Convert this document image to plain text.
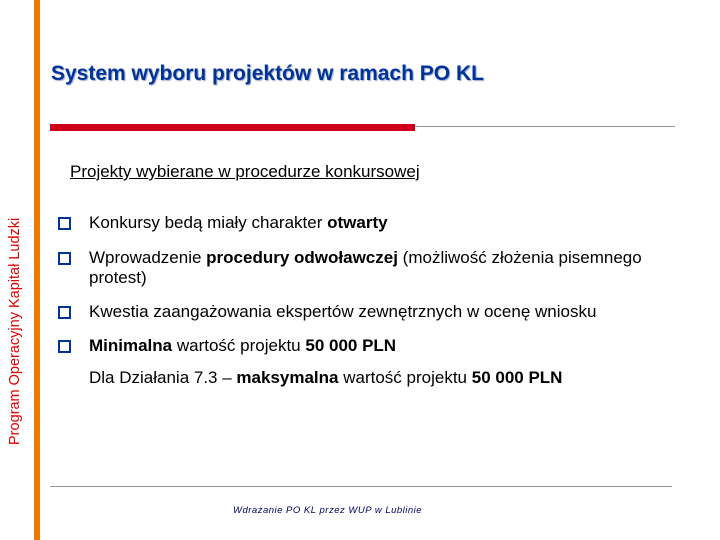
Program Operacyjny Kapitał Ludzki
System wyboru projektów w ramach PO KL
Projekty wybierane w procedurze konkursowej
Konkursy bedą miały charakter otwarty
Wprowadzenie procedury odwoławczej (możliwość złożenia pisemnego protest)
Kwestia zaangażowania ekspertów zewnętrznych w ocenę wniosku
Minimalna wartość projektu 50 000 PLN
Dla Działania 7.3 – maksymalna wartość projektu 50 000 PLN
Wdrażanie PO KL przez WUP w Lublinie
